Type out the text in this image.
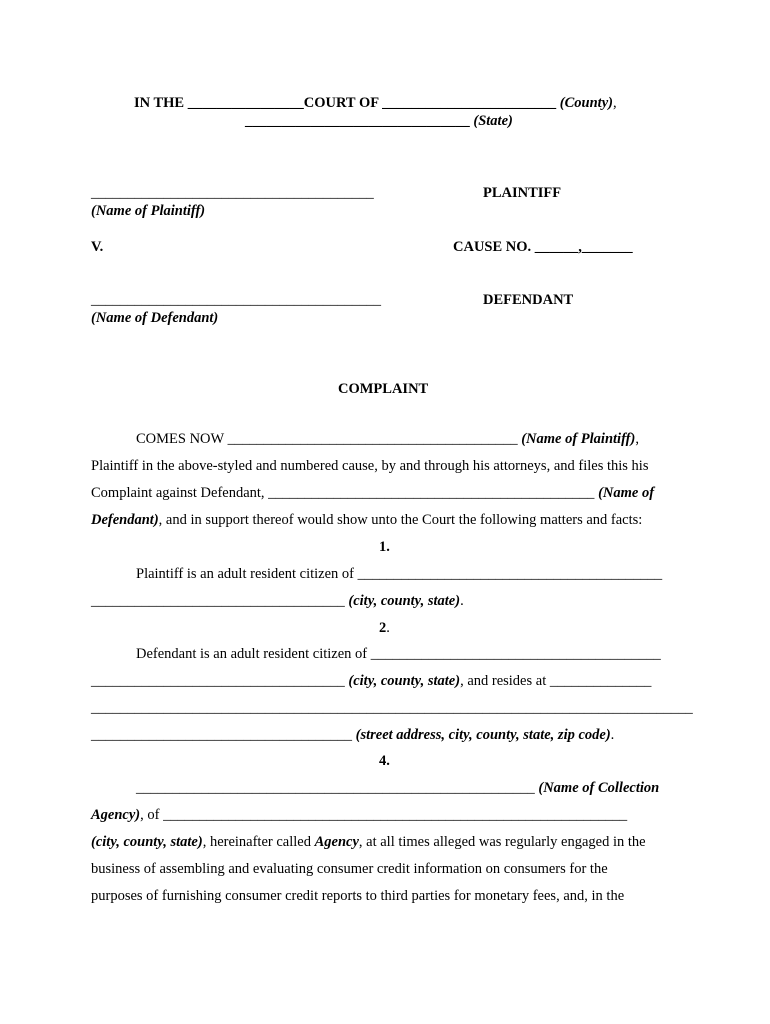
IN THE ________________COURT OF ________________________ (County),
_______________________________ (State)
_______________________________________
(Name of Plaintiff)
PLAINTIFF
V.	CAUSE NO. ______,_______
________________________________________
(Name of Defendant)
DEFENDANT
COMPLAINT
COMES NOW ________________________________________ (Name of Plaintiff),
Plaintiff in the above-styled and numbered cause, by and through his attorneys, and files this his
Complaint against Defendant, _____________________________________________ (Name of
Defendant), and in support thereof would show unto the Court the following matters and facts:
1.
Plaintiff is an adult resident citizen of __________________________________________
___________________________________ (city, county, state).
2.
Defendant is an adult resident citizen of ________________________________________
___________________________________ (city, county, state), and resides at ______________
___________________________________________________________________________________
____________________________________ (street address, city, county, state, zip code).
4.
_______________________________________________________ (Name of Collection
Agency), of ________________________________________________________________
(city, county, state), hereinafter called Agency, at all times alleged was regularly engaged in the
business of assembling and evaluating consumer credit information on consumers for the
purposes of furnishing consumer credit reports to third parties for monetary fees, and, in the
